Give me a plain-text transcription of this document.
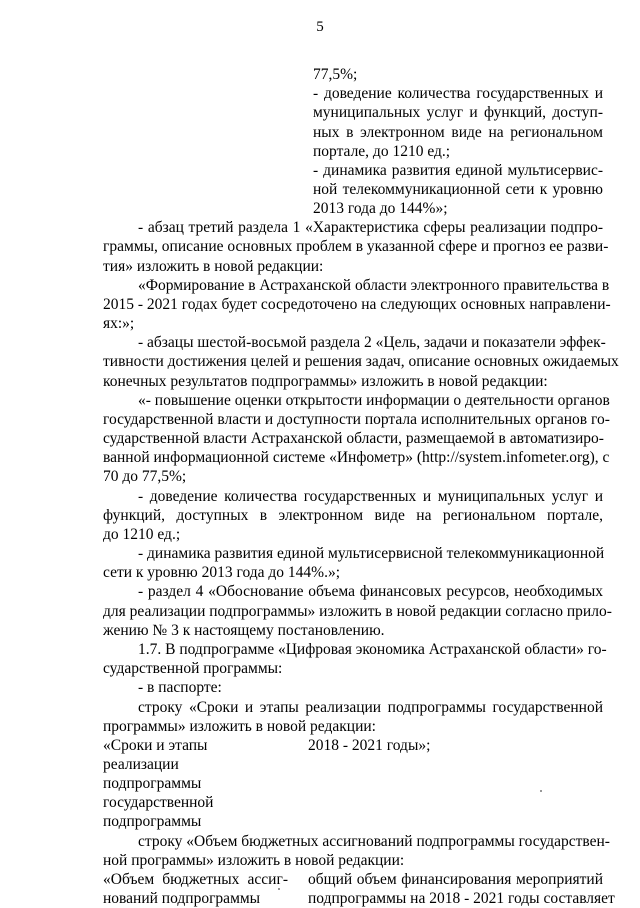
5
77,5%;
- доведение количества государственных и
муниципальных услуг и функций, доступ-
ных в электронном виде на региональном
портале, до 1210 ед.;
- динамика развития единой мультисервис-
ной телекоммуникационной сети к уровню
2013 года до 144%»;
- абзац третий раздела 1 «Характеристика сферы реализации подпро-
граммы, описание основных проблем в указанной сфере и прогноз ее разви-
тия» изложить в новой редакции:
«Формирование в Астраханской области электронного правительства в
2015 - 2021 годах будет сосредоточено на следующих основных направлени-
ях:»;
- абзацы шестой-восьмой раздела 2 «Цель, задачи и показатели эффек-
тивности достижения целей и решения задач, описание основных ожидаемых
конечных результатов подпрограммы» изложить в новой редакции:
«- повышение оценки открытости информации о деятельности органов
государственной власти и доступности портала исполнительных органов го-
сударственной власти Астраханской области, размещаемой в автоматизиро-
ванной информационной системе «Инфометр» (http://system.infometer.org), с
70 до 77,5%;
- доведение количества государственных и муниципальных услуг и
функций, доступных в электронном виде на региональном портале,
до 1210 ед.;
- динамика развития единой мультисервисной телекоммуникационной
сети к уровню 2013 года до 144%.»;
- раздел 4 «Обоснование объема финансовых ресурсов, необходимых
для реализации подпрограммы» изложить в новой редакции согласно прило-
жению № 3 к настоящему постановлению.
1.7. В подпрограмме «Цифровая экономика Астраханской области» го-
сударственной программы:
- в паспорте:
строку «Сроки и этапы реализации подпрограммы государственной
программы» изложить в новой редакции:
«Сроки и этапы
реализации
подпрограммы
государственной
подпрограммы
2018 - 2021 годы»;
строку «Объем бюджетных ассигнований подпрограммы государствен-
ной программы» изложить в новой редакции:
«Объем бюджетных ассиг-
нований подпрограммы
общий объем финансирования мероприятий
подпрограммы на 2018 - 2021 годы составляет
